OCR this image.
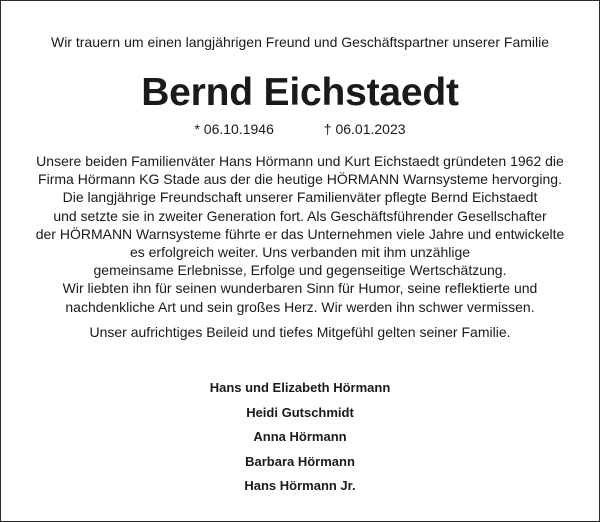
Wir trauern um einen langjährigen Freund und Geschäftspartner unserer Familie
Bernd Eichstaedt
* 06.10.1946	† 06.01.2023
Unsere beiden Familienväter Hans Hörmann und Kurt Eichstaedt gründeten 1962 die
Firma Hörmann KG Stade aus der die heutige HÖRMANN Warnsysteme hervorging.
Die langjährige Freundschaft unserer Familienväter pflegte Bernd Eichstaedt
und setzte sie in zweiter Generation fort. Als Geschäftsführender Gesellschafter
der HÖRMANN Warnsysteme führte er das Unternehmen viele Jahre und entwickelte
es erfolgreich weiter. Uns verbanden mit ihm unzählige
gemeinsame Erlebnisse, Erfolge und gegenseitige Wertschätzung.
Wir liebten ihn für seinen wunderbaren Sinn für Humor, seine reflektierte und
nachdenkliche Art und sein großes Herz. Wir werden ihn schwer vermissen.
Unser aufrichtiges Beileid und tiefes Mitgefühl gelten seiner Familie.
Hans und Elizabeth Hörmann
Heidi Gutschmidt
Anna Hörmann
Barbara Hörmann
Hans Hörmann Jr.
